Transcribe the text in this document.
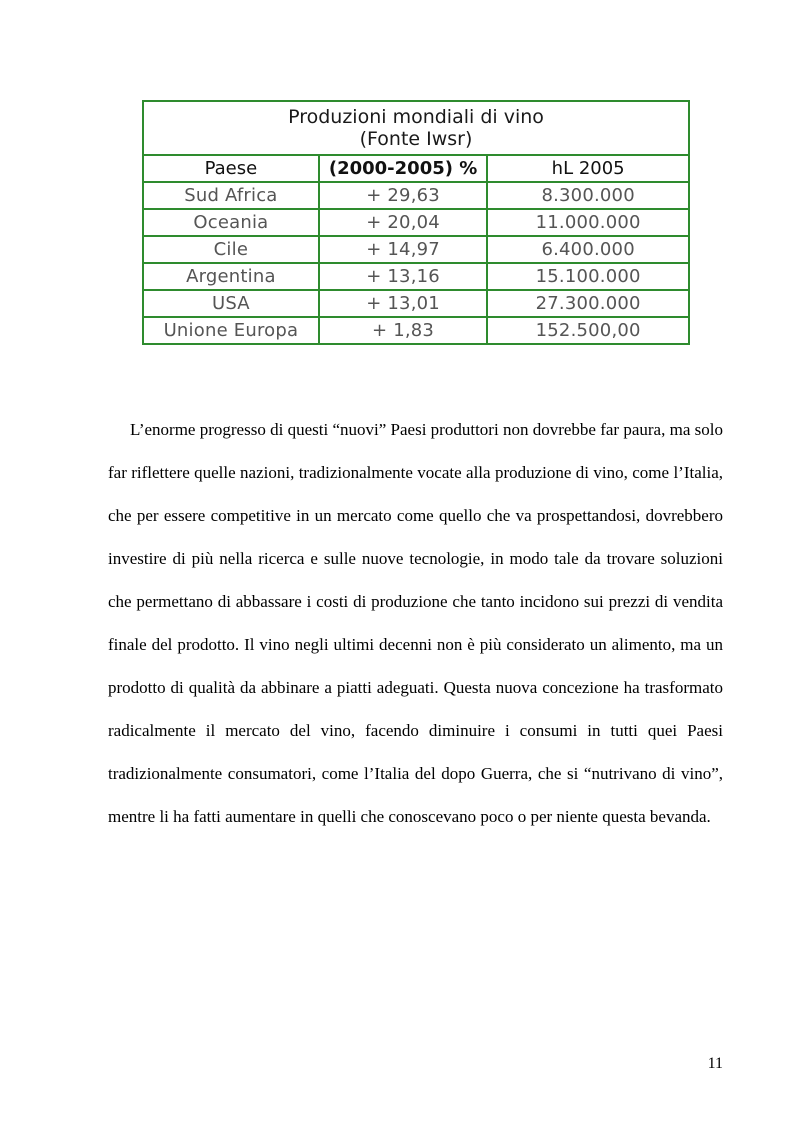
Produzioni mondiali di vino
(Fonte Iwsr)		

Paese	(2000-2005) %	hL 2005
Sud Africa	+ 29,63	8.300.000
Oceania	+ 20,04	11.000.000
Cile	+ 14,97	6.400.000
Argentina	+ 13,16	15.100.000
USA	+ 13,01	27.300.000
Unione Europa	+ 1,83	152.500,00

L’enorme progresso di questi “nuovi” Paesi produttori non dovrebbe far paura, ma solo far riflettere quelle nazioni, tradizionalmente vocate alla produzione di vino, come l’Italia, che per essere competitive in un mercato come quello che va prospettandosi, dovrebbero investire di più nella ricerca e sulle nuove tecnologie, in modo tale da trovare soluzioni che permettano di abbassare i costi di produzione che tanto incidono sui prezzi di vendita finale del prodotto. Il vino negli ultimi decenni non è più considerato un alimento, ma un prodotto di qualità da abbinare a piatti adeguati. Questa nuova concezione ha trasformato radicalmente il mercato del vino, facendo diminuire i consumi in tutti quei Paesi tradizionalmente consumatori, come l’Italia del dopo Guerra, che si “nutrivano di vino”, mentre li ha fatti aumentare in quelli che conoscevano poco o per niente questa bevanda.

11
